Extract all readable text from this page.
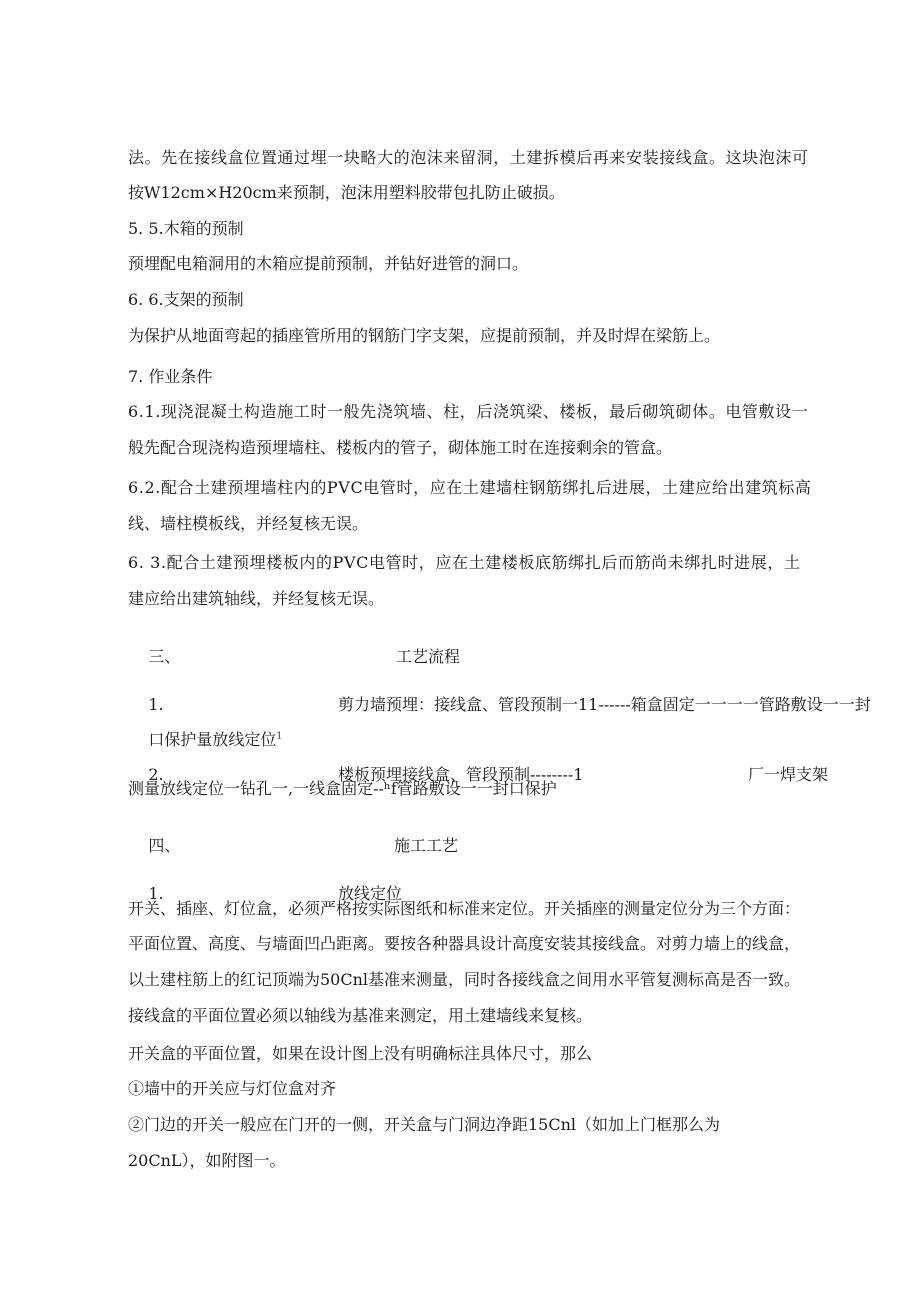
法。先在接线盒位置通过埋一块略大的泡沫来留洞，土建拆模后再来安装接线盒。这块泡沫可
按W12cm×H20cm来预制，泡沫用塑料胶带包扎防止破损。
5. 5.木箱的预制
预埋配电箱洞用的木箱应提前预制，并钻好进管的洞口。
6. 6.支架的预制
为保护从地面弯起的插座管所用的钢筋门字支架，应提前预制，并及时焊在梁筋上。
7. 作业条件
6.1.现浇混凝土构造施工时一般先浇筑墙、柱，后浇筑梁、楼板，最后砌筑砌体。电管敷设一
般先配合现浇构造预埋墙柱、楼板内的管子，砌体施工时在连接剩余的管盒。
6.2.配合土建预埋墙柱内的PVC电管时，应在土建墙柱钢筋绑扎后进展，土建应给出建筑标高
线、墙柱模板线，并经复核无误。
6. 3.配合土建预埋楼板内的PVC电管时，应在土建楼板底筋绑扎后而筋尚未绑扎时进展，土
建应给出建筑轴线，并经复核无误。

三、	工艺流程

1.	剪力墙预埋：接线盒、管段预制一11------箱盒固定一一一一管路敷设一一封

口保护量放线定位$^1$

2.	楼板预埋接线盒、管段预制--------1	厂一焊支架

测量放线定位一钻孔一,一线盒固定--ʰf管路敷设一一封口保护

四、	施工工艺

1.	放线定位

开关、插座、灯位盒，必须严格按实际图纸和标准来定位。开关插座的测量定位分为三个方面：
平面位置、高度、与墙面凹凸距离。要按各种器具设计高度安装其接线盒。对剪力墙上的线盒，
以土建柱筋上的红记顶端为50Cnl基准来测量，同时各接线盒之间用水平管复测标高是否一致。
接线盒的平面位置必须以轴线为基准来测定，用土建墙线来复核。
开关盒的平面位置，如果在设计图上没有明确标注具体尺寸，那么
①墙中的开关应与灯位盒对齐
②门边的开关一般应在门开的一侧，开关盒与门洞边净距15Cnl（如加上门框那么为
20CnL），如附图一。
